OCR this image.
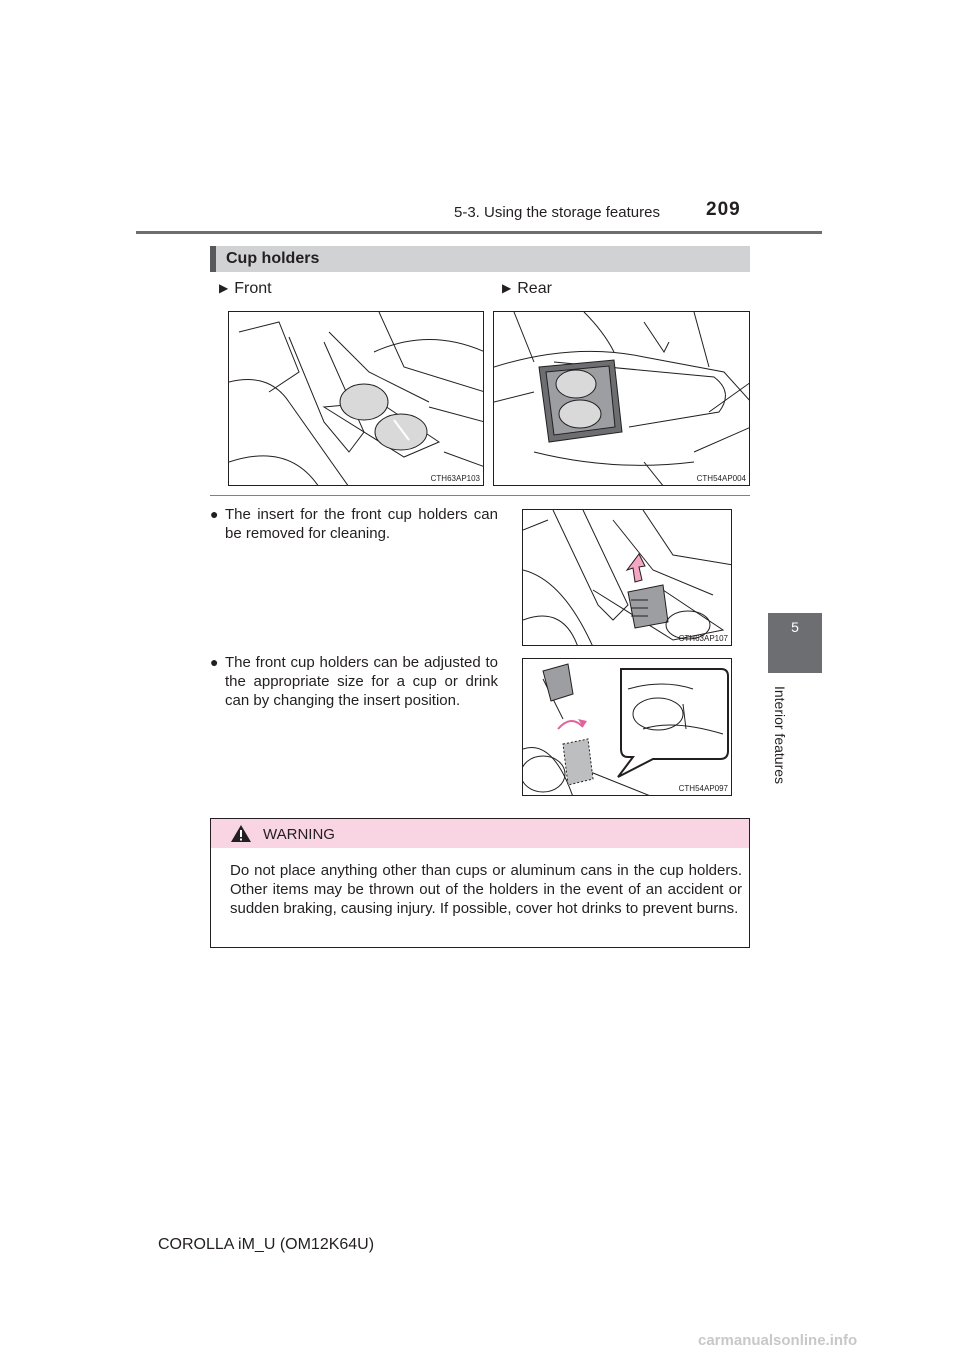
5-3. Using the storage features 209
5
Interior features
Cup holders
▶ Front	▶ Rear
CTH63AP103	CTH54AP004
● The insert for the front cup holders can be removed for cleaning.
CTH63AP107
● The front cup holders can be adjusted to the appropriate size for a cup or drink can by changing the insert position.
CTH54AP097
WARNING
Do not place anything other than cups or aluminum cans in the cup holders. Other items may be thrown out of the holders in the event of an accident or sudden braking, causing injury. If possible, cover hot drinks to prevent burns.
COROLLA iM_U (OM12K64U)
carmanualsonline.info
